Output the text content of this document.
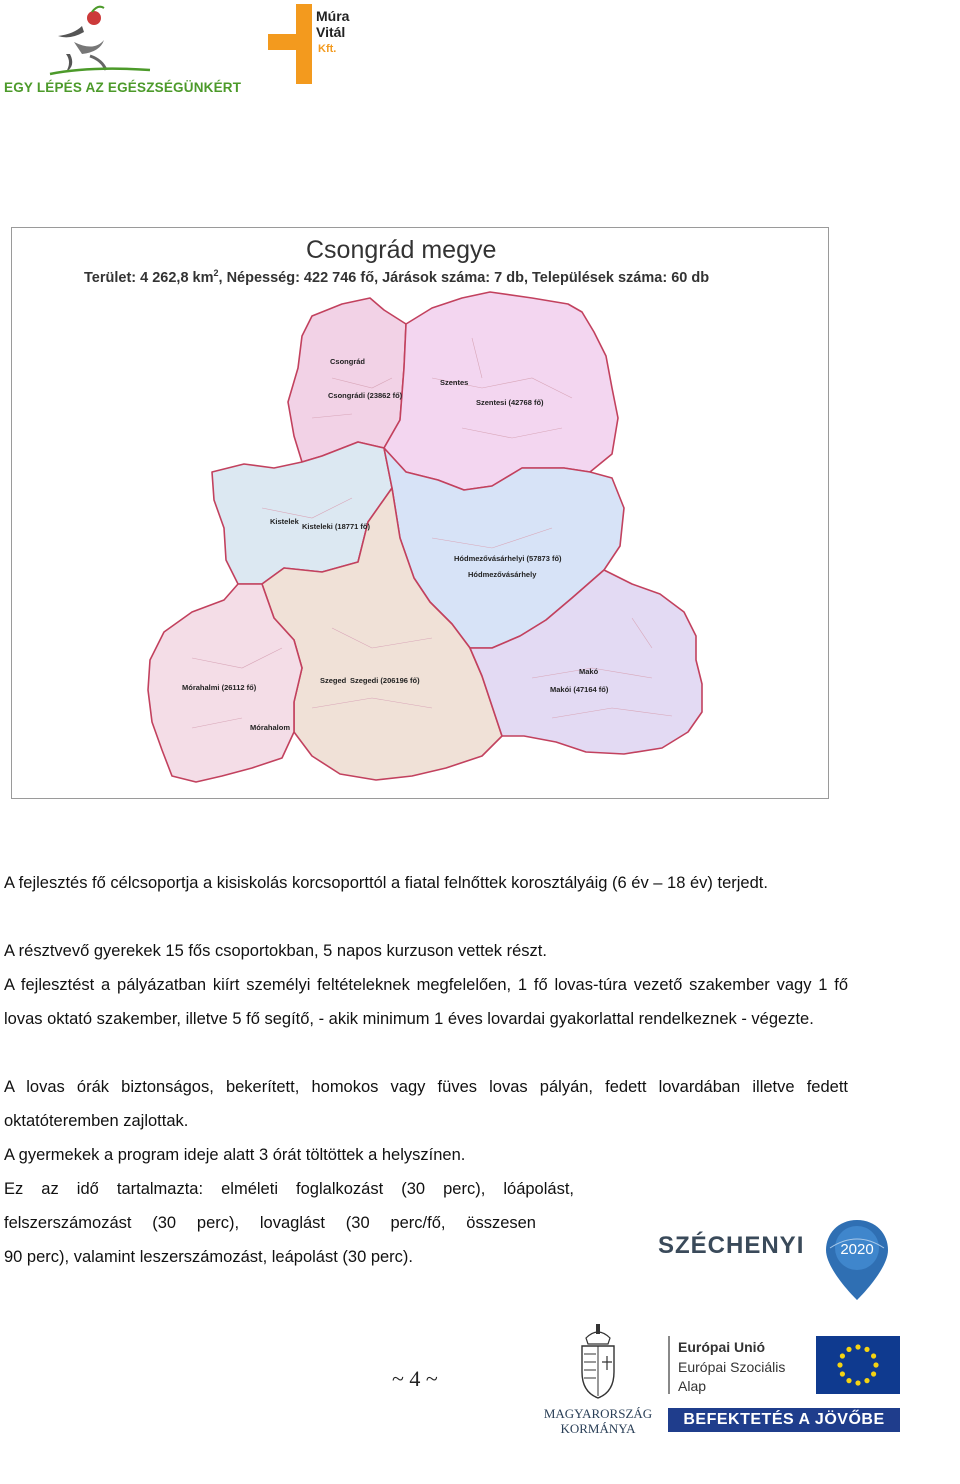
EGY LÉPÉS AZ EGÉSZSÉGÜNKÉRT
Múra
Vitál
Kft.
Csongrád
Csongrádi (23862 fő)
Szentes
Szentesi (42768 fő)
Kistelek
Kisteleki (18771 fő)
Hódmezővásárhelyi (57873 fő)
Hódmezővásárhely
Szeged Szegedi (206196 fő)
Makó
Makói (47164 fő)
Mórahalmi (26112 fő)
Mórahalom
Csongrád megye
Terület: 4 262,8 $km^2$, Népesség: 422 746 fő, Járások száma: 7 db, Települések száma: 60 db
A fejlesztés fő célcsoportja a kisiskolás korcsoporttól a fiatal felnőttek korosztályáig (6 év – 18 év) terjedt.
A résztvevő gyerekek 15 fős csoportokban, 5 napos kurzuson vettek részt.
A fejlesztést a pályázatban kiírt személyi feltételeknek megfelelően, 1 fő lovas-túra vezető szakember vagy 1 fő lovas oktató szakember, illetve 5 fő segítő, - akik minimum 1 éves lovardai gyakorlattal rendelkeznek - végezte.
A lovas órák biztonságos, bekerített, homokos vagy füves lovas pályán, fedett lovardában illetve fedett oktatóteremben zajlottak.
A gyermekek a program ideje alatt 3 órát töltöttek a helyszínen.
Ez az idő tartalmazta: elméleti foglalkozást (30 perc), lóápolást,
felszerszámozást (30 perc), lovaglást (30 perc/fő, összesen
90 perc), valamint leszerszámozást, leápolást (30 perc).	SZÉCHENYI 2020
~ 4 ~
MAGYARORSZÁG
KORMÁNYA
Európai Unió
Európai Szociális
Alap
BEFEKTETÉS A JÖVŐBE
